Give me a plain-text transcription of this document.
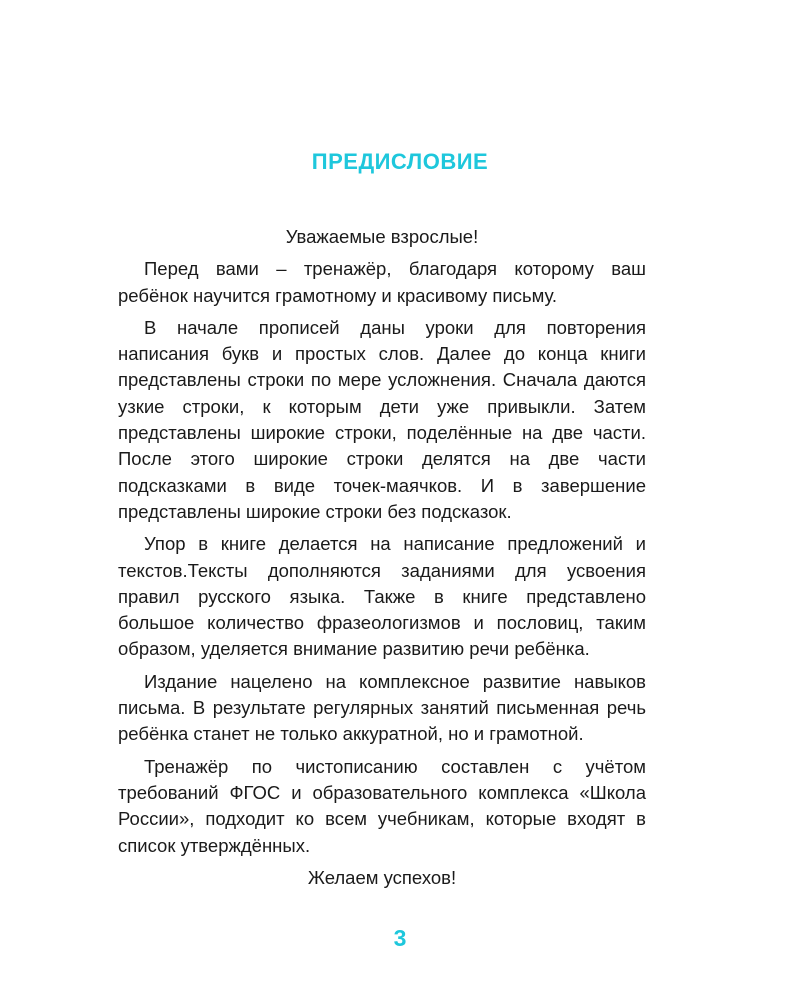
ПРЕДИСЛОВИЕ

Уважаемые взрослые!

Перед вами – тренажёр, благодаря которому ваш ребёнок научится грамотному и красивому письму.

В начале прописей даны уроки для повторения написания букв и простых слов. Далее до конца книги представлены строки по мере усложнения. Сначала даются узкие строки, к которым дети уже привыкли. Затем представлены широкие строки, поделённые на две части. После этого широкие строки делятся на две части подсказками в виде точек-маячков. И в завершение представлены широкие строки без подсказок.

Упор в книге делается на написание предложений и текстов.Тексты дополняются заданиями для усвоения правил русского языка. Также в книге представлено большое количество фразеологизмов и пословиц, таким образом, уделяется внимание развитию речи ребёнка.

Издание нацелено на комплексное развитие навыков письма. В результате регулярных занятий письменная речь ребёнка станет не только аккуратной, но и грамотной.

Тренажёр по чистописанию составлен с учётом требований ФГОС и образовательного комплекса «Школа России», подходит ко всем учебникам, которые входят в список утверждённых.

Желаем успехов!

3
